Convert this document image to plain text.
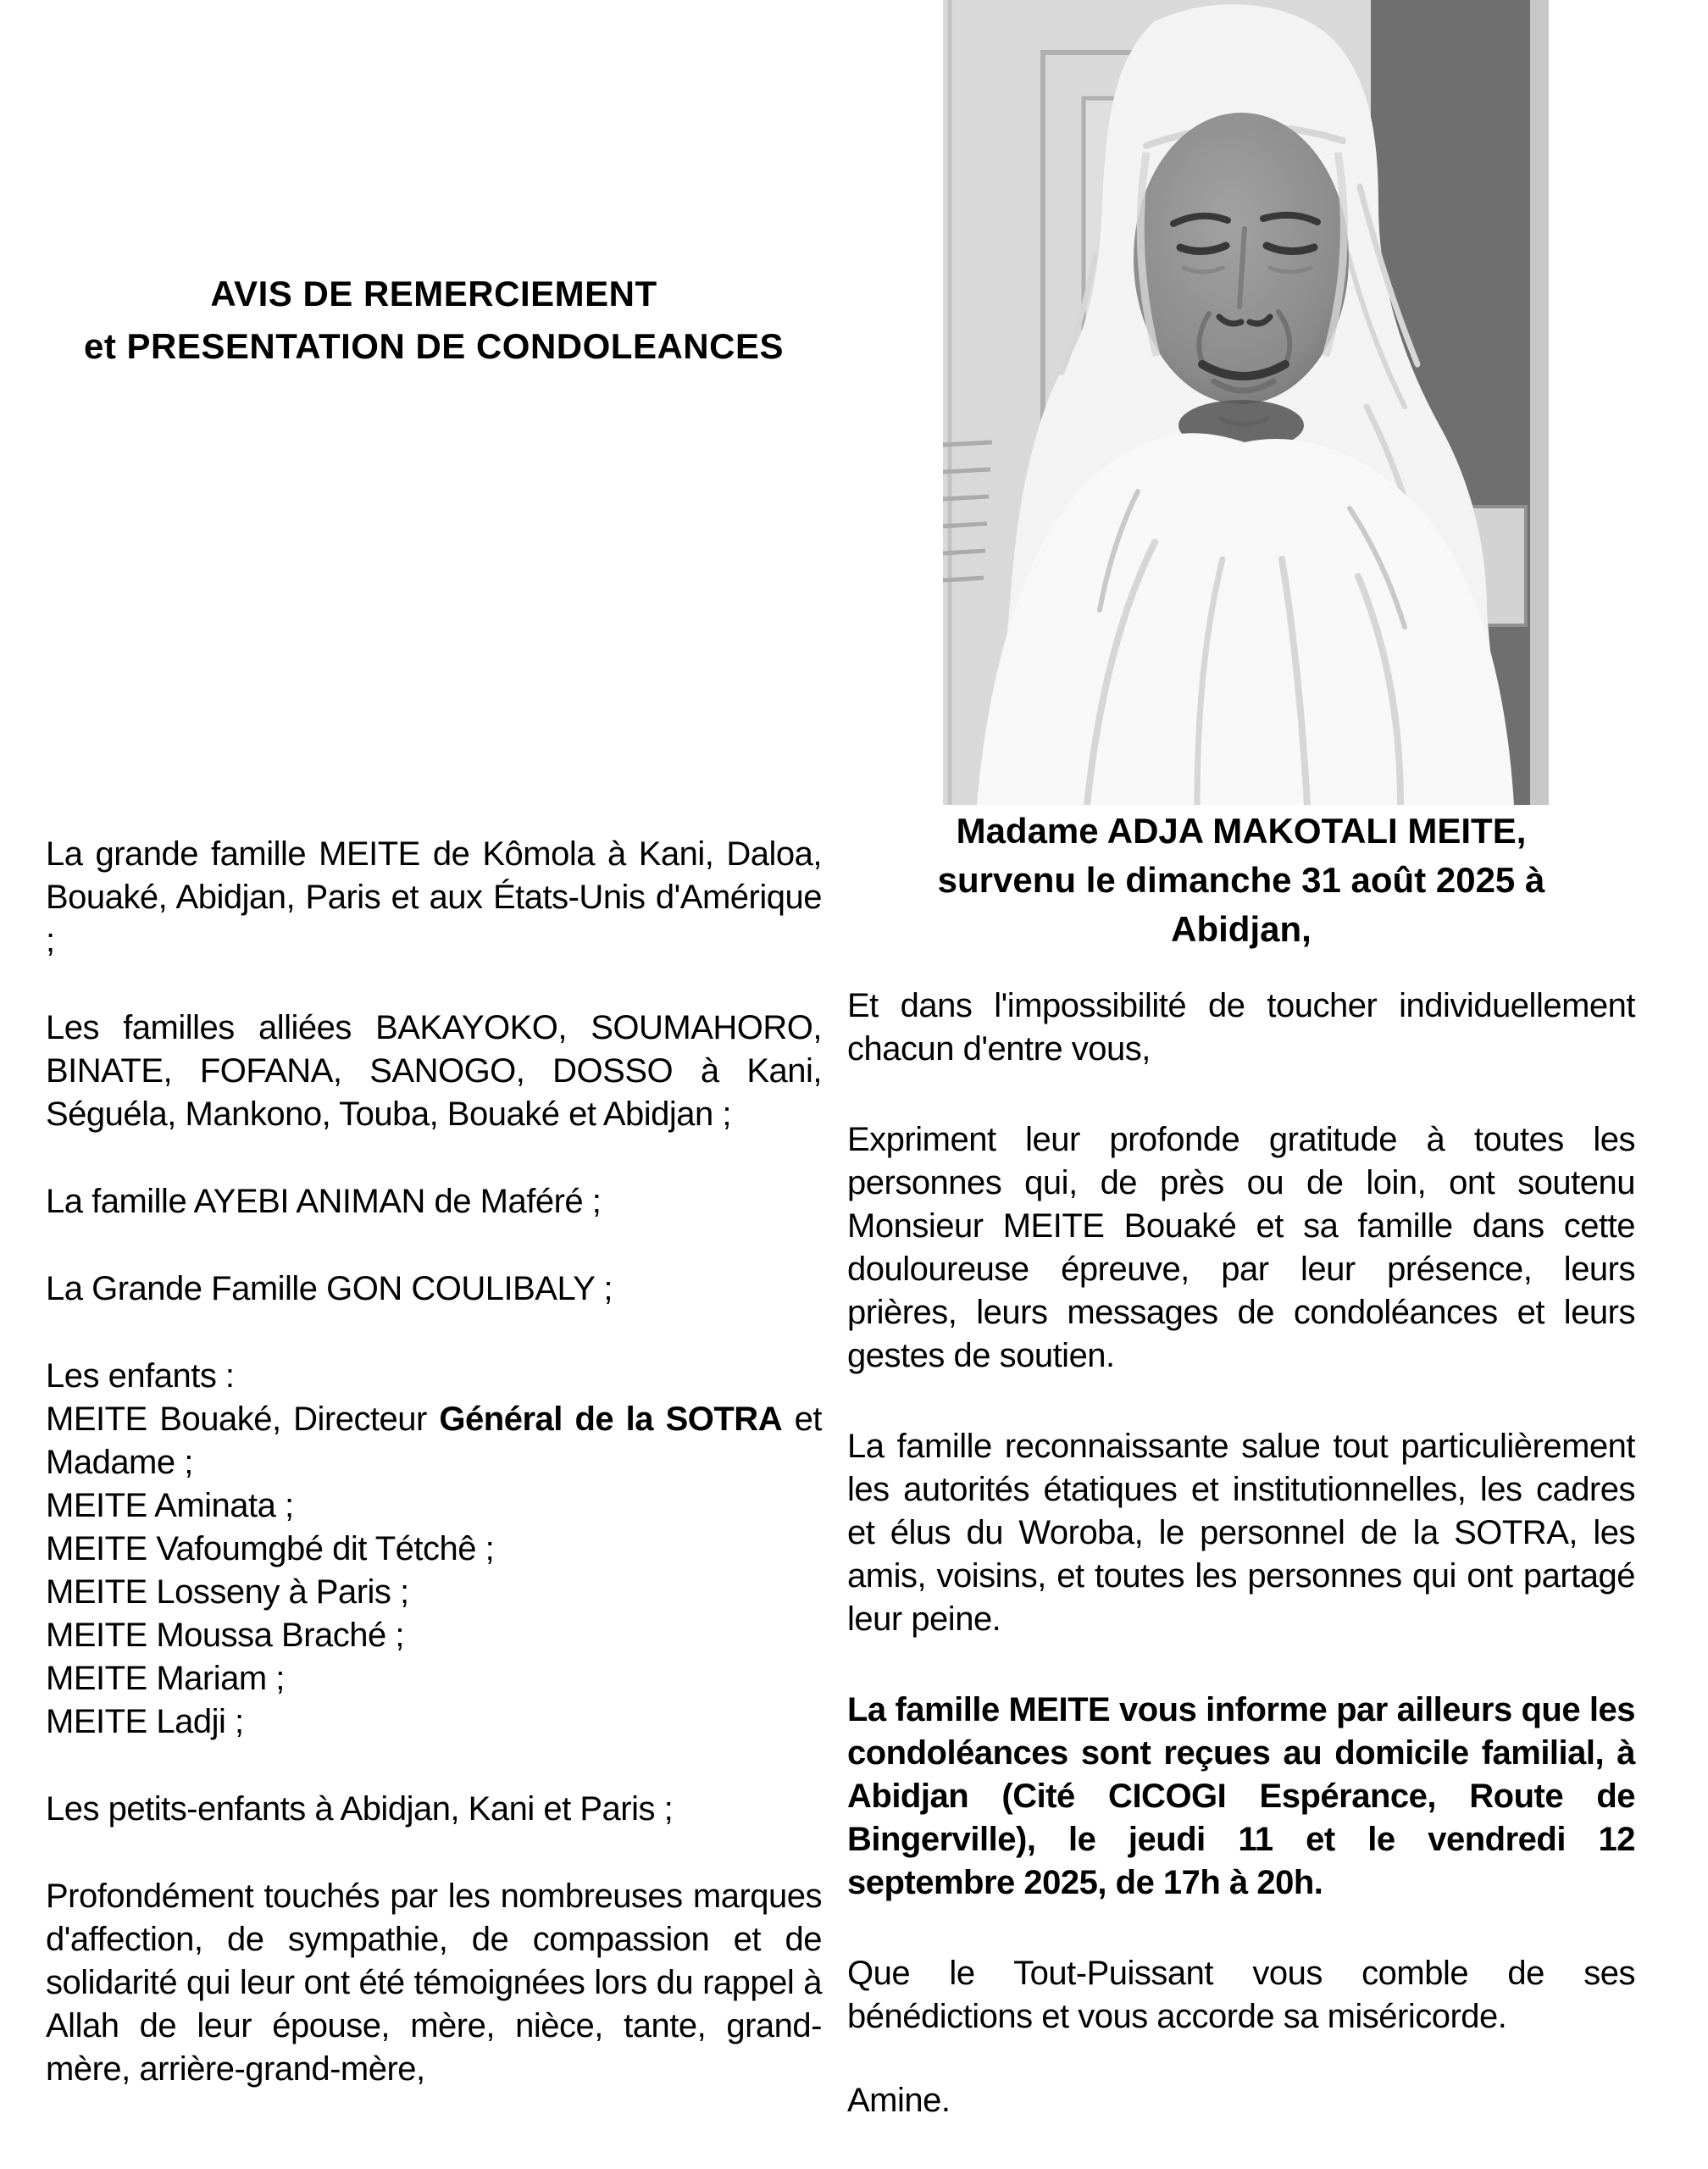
AVIS DE REMERCIEMENT
et PRESENTATION DE CONDOLEANCES

La grande famille MEITE de Kômola à Kani, Daloa, Bouaké, Abidjan, Paris et aux États-Unis d'Amérique ;

Les familles alliées BAKAYOKO, SOUMAHORO, BINATE, FOFANA, SANOGO, DOSSO à Kani, Séguéla, Mankono, Touba, Bouaké et Abidjan ;

La famille AYEBI ANIMAN de Maféré ;

La Grande Famille GON COULIBALY ;

Les enfants :

MEITE Bouaké, Directeur Général de la SOTRA et Madame ;

MEITE Aminata ;

MEITE Vafoumgbé dit Tétchê ;

MEITE Losseny à Paris ;

MEITE Moussa Braché ;

MEITE Mariam ;

MEITE Ladji ;

Les petits-enfants à Abidjan, Kani et Paris ;

Profondément touchés par les nombreuses marques d'affection, de sympathie, de compassion et de solidarité qui leur ont été témoignées lors du rappel à Allah de leur épouse, mère, nièce, tante, grand-mère, arrière-grand-mère,

Madame ADJA MAKOTALI MEITE,
survenu le dimanche 31 août 2025 à
Abidjan,

Et dans l'impossibilité de toucher individuellement chacun d'entre vous,

Expriment leur profonde gratitude à toutes les personnes qui, de près ou de loin, ont soutenu Monsieur MEITE Bouaké et sa famille dans cette douloureuse épreuve, par leur présence, leurs prières, leurs messages de condoléances et leurs gestes de soutien.

La famille reconnaissante salue tout particulièrement les autorités étatiques et institutionnelles, les cadres et élus du Woroba, le personnel de la SOTRA, les amis, voisins, et toutes les personnes qui ont partagé leur peine.

La famille MEITE vous informe par ailleurs que les condoléances sont reçues au domicile familial, à Abidjan (Cité CICOGI Espérance, Route de Bingerville), le jeudi 11 et le vendredi 12 septembre 2025, de 17h à 20h.

Que le Tout-Puissant vous comble de ses bénédictions et vous accorde sa miséricorde.

Amine.
